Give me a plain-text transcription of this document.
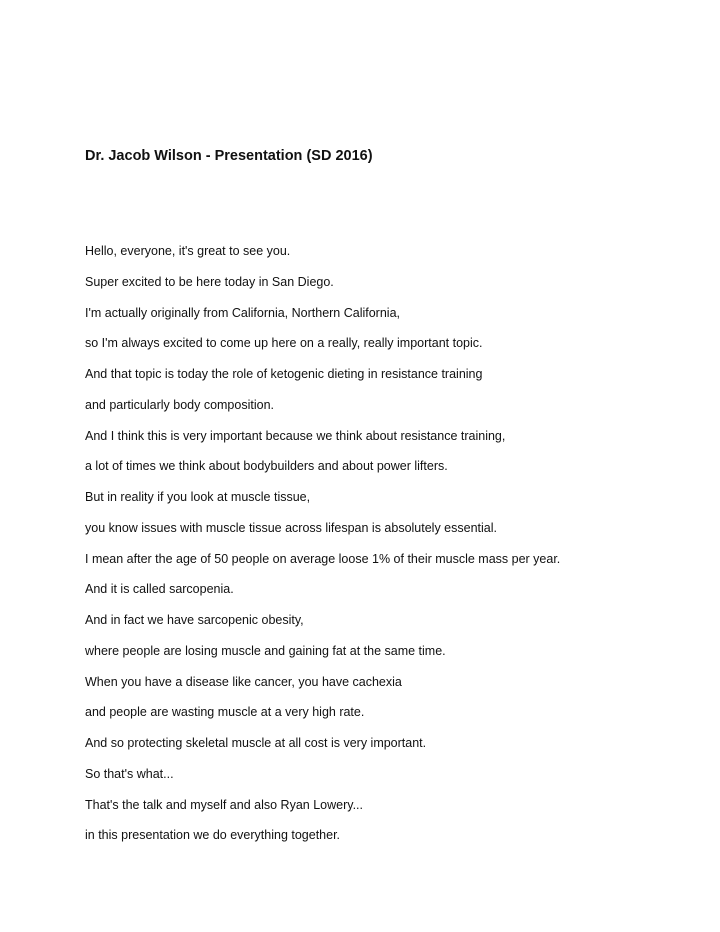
Dr. Jacob Wilson - Presentation (SD 2016)
Hello, everyone, it's great to see you.
Super excited to be here today in San Diego.
I'm actually originally from California, Northern California,
so I'm always excited to come up here on a really, really important topic.
And that topic is today the role of ketogenic dieting in resistance training
and particularly body composition.
And I think this is very important because we think about resistance training,
a lot of times we think about bodybuilders and about power lifters.
But in reality if you look at muscle tissue,
you know issues with muscle tissue across lifespan is absolutely essential.
I mean after the age of 50 people on average loose 1% of their muscle mass per year.
And it is called sarcopenia.
And in fact we have sarcopenic obesity,
where people are losing muscle and gaining fat at the same time.
When you have a disease like cancer, you have cachexia
and people are wasting muscle at a very high rate.
And so protecting skeletal muscle at all cost is very important.
So that's what...
That's the talk and myself and also Ryan Lowery...
in this presentation we do everything together.
